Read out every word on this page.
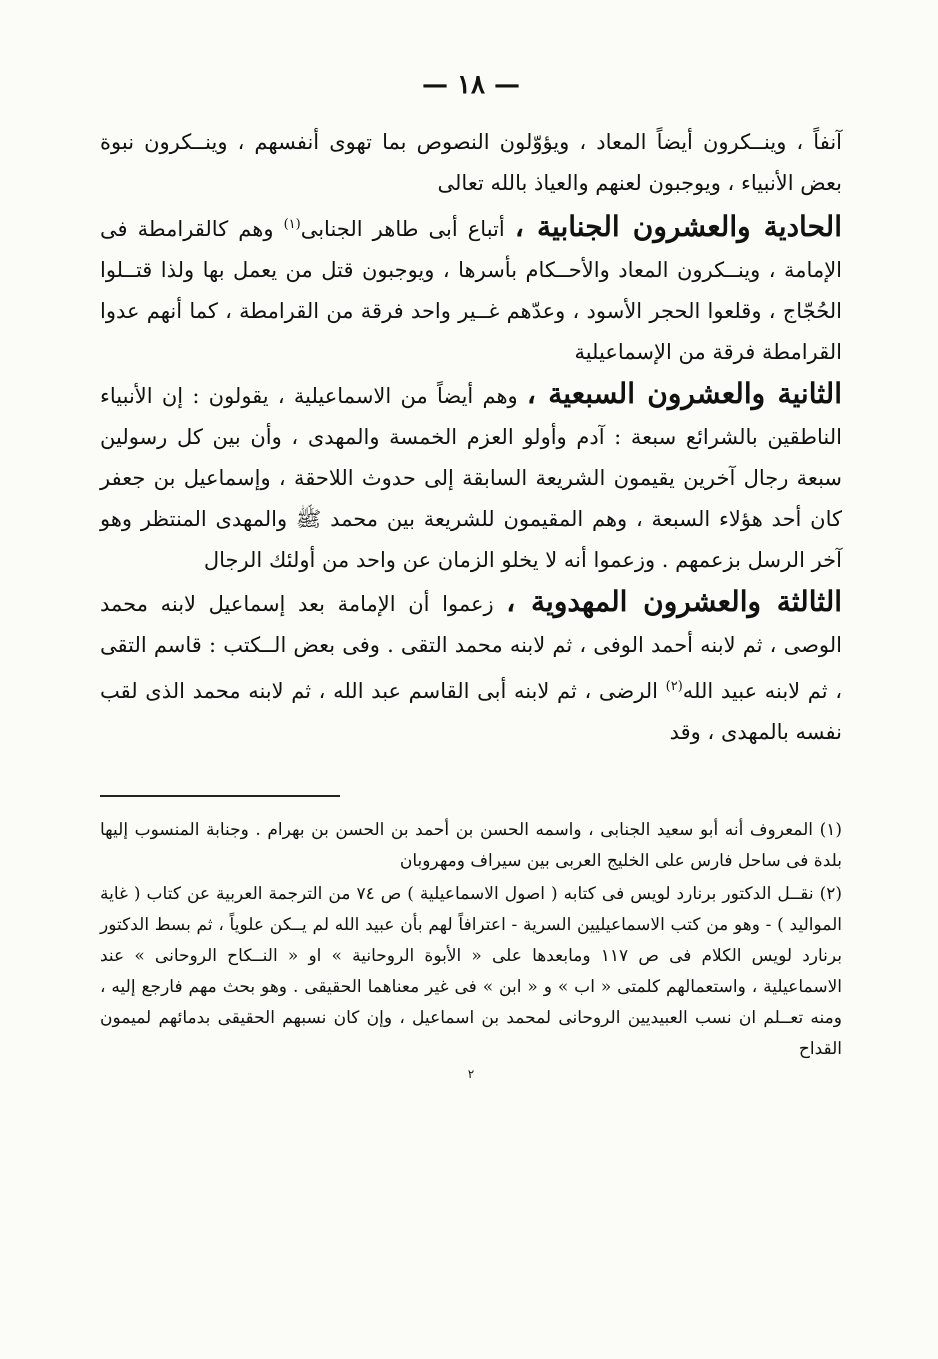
— ١٨ —

آنفاً ، وينــكرون أيضاً المعاد ، ويؤوّلون النصوص بما تهوى أنفسهم ، وينــكرون نبوة بعض الأنبياء ، ويوجبون لعنهم والعياذ بالله تعالى

الحادية والعشرون الجنابية ، أتباع أبى طاهر الجنابى$^{(١)}$ وهم كالقرامطة فى الإمامة ، وينــكرون المعاد والأحــكام بأسرها ، ويوجبون قتل من يعمل بها ولذا قتــلوا الحُجّاج ، وقلعوا الحجر الأسود ، وعدّهم غــير واحد فرقة من القرامطة ، كما أنهم عدوا القرامطة فرقة من الإسماعيلية

الثانية والعشرون السبعية ، وهم أيضاً من الاسماعيلية ، يقولون : إن الأنبياء الناطقين بالشرائع سبعة : آدم وأولو العزم الخمسة والمهدى ، وأن بين كل رسولين سبعة رجال آخرين يقيمون الشريعة السابقة إلى حدوث اللاحقة ، وإسماعيل بن جعفر كان أحد هؤلاء السبعة ، وهم المقيمون للشريعة بين محمد ﷺ والمهدى المنتظر وهو آخر الرسل بزعمهم . وزعموا أنه لا يخلو الزمان عن واحد من أولئك الرجال

الثالثة والعشرون المهدوية ، زعموا أن الإمامة بعد إسماعيل لابنه محمد الوصى ، ثم لابنه أحمد الوفى ، ثم لابنه محمد التقى . وفى بعض الــكتب : قاسم التقى ، ثم لابنه عبيد الله$^{(٢)}$ الرضى ، ثم لابنه أبى القاسم عبد الله ، ثم لابنه محمد الذى لقب نفسه بالمهدى ، وقد

(١) المعروف أنه أبو سعيد الجنابى ، واسمه الحسن بن أحمد بن الحسن بن بهرام . وجنابة المنسوب إليها بلدة فى ساحل فارس على الخليج العربى بين سيراف ومهروبان

(٢) نقــل الدكتور برنارد لويس فى كتابه ( اصول الاسماعيلية ) ص ٧٤ من الترجمة العربية عن كتاب ( غاية المواليد ) - وهو من كتب الاسماعيليين السرية - اعترافاً لهم بأن عبيد الله لم يــكن علوياً ، ثم بسط الدكتور برنارد لويس الكلام فى ص ١١٧ ومابعدها على « الأبوة الروحانية » او « النــكاح الروحانى » عند الاسماعيلية ، واستعمالهم كلمتى « اب » و « ابن » فى غير معناهما الحقيقى . وهو بحث مهم فارجع إليه ، ومنه تعــلم ان نسب العبيديين الروحانى لمحمد بن اسماعيل ، وإن كان نسبهم الحقيقى بدمائهم لميمون القداح

٢
